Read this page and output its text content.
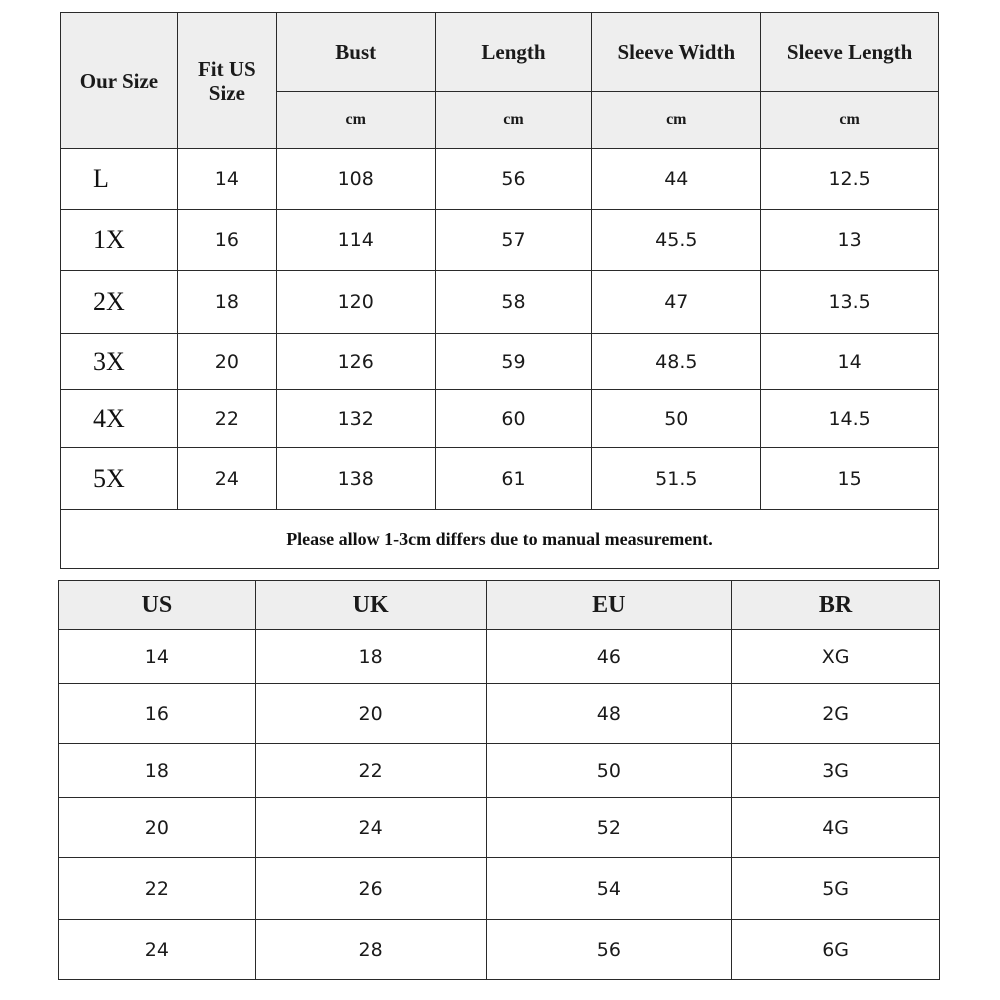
Our Size	Fit US Size	Bust	Length	Sleeve Width	Sleeve Length
		cm	cm	cm	cm
L	14	108	56	44	12.5
1X	16	114	57	45.5	13
2X	18	120	58	47	13.5
3X	20	126	59	48.5	14
4X	22	132	60	50	14.5
5X	24	138	61	51.5	15
Please allow 1-3cm differs due to manual measurement.					
US	UK	EU	BR
14	18	46	XG
16	20	48	2G
18	22	50	3G
20	24	52	4G
22	26	54	5G
24	28	56	6G
